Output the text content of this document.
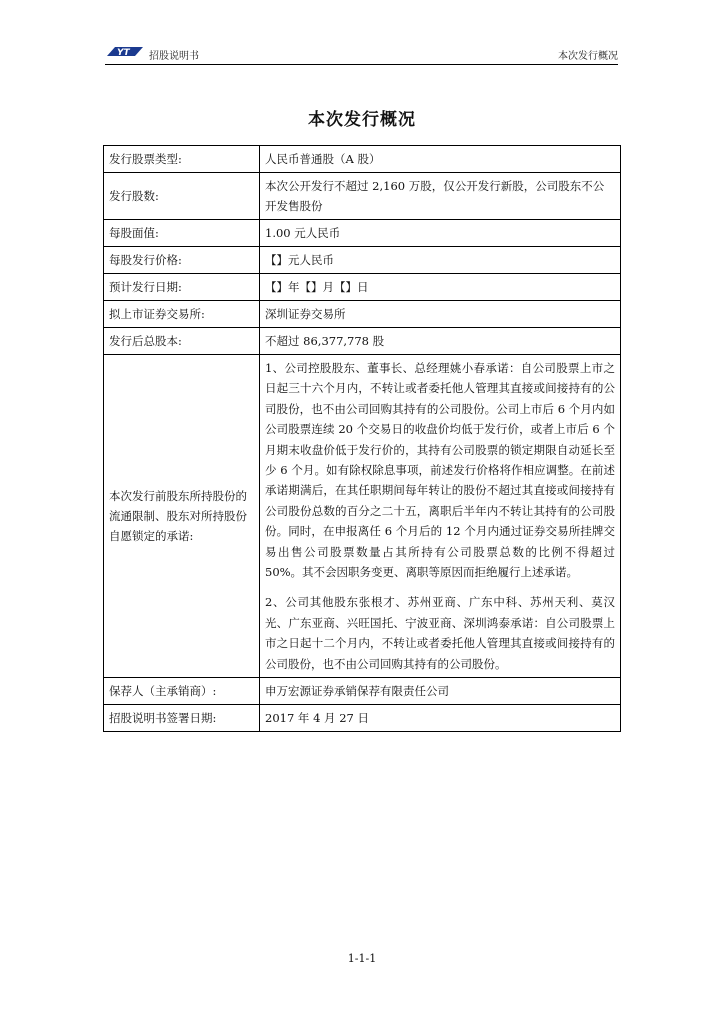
YT 招股说明书	本次发行概况
本次发行概况
发行股票类型:	人民币普通股（A 股）
发行股数:	本次公开发行不超过 2,160 万股，仅公开发行新股，公司股东不公开发售股份
每股面值:	1.00 元人民币
每股发行价格:	【】元人民币
预计发行日期:	【】年【】月【】日
拟上市证券交易所:	深圳证券交易所
发行后总股本:	不超过 86,377,778 股
本次发行前股东所持股份的流通限制、股东对所持股份自愿锁定的承诺:	1、公司控股股东、董事长、总经理姚小春承诺：自公司股票上市之日起三十六个月内，不转让或者委托他人管理其直接或间接持有的公司股份，也不由公司回购其持有的公司股份。公司上市后 6 个月内如公司股票连续 20 个交易日的收盘价均低于发行价，或者上市后 6 个月期末收盘价低于发行价的，其持有公司股票的锁定期限自动延长至少 6 个月。如有除权除息事项，前述发行价格将作相应调整。在前述承诺期满后，在其任职期间每年转让的股份不超过其直接或间接持有公司股份总数的百分之二十五，离职后半年内不转让其持有的公司股份。同时，在申报离任 6 个月后的 12 个月内通过证券交易所挂牌交易出售公司股票数量占其所持有公司股票总数的比例不得超过 50%。其不会因职务变更、离职等原因而拒绝履行上述承诺。
2、公司其他股东张根才、苏州亚商、广东中科、苏州天利、莫汉光、广东亚商、兴旺国托、宁波亚商、深圳鸿泰承诺：自公司股票上市之日起十二个月内，不转让或者委托他人管理其直接或间接持有的公司股份，也不由公司回购其持有的公司股份。

保荐人（主承销商）:	申万宏源证券承销保荐有限责任公司
招股说明书签署日期:	2017 年 4 月 27 日
1-1-1
